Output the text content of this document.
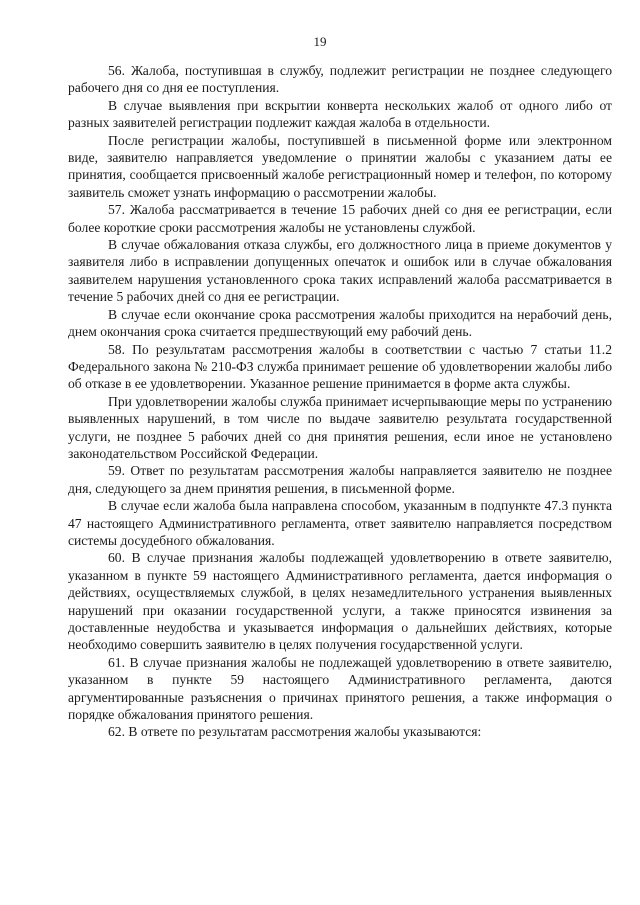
19

56. Жалоба, поступившая в службу, подлежит регистрации не позднее следующего рабочего дня со дня ее поступления.

В случае выявления при вскрытии конверта нескольких жалоб от одного либо от разных заявителей регистрации подлежит каждая жалоба в отдельности.

После регистрации жалобы, поступившей в письменной форме или электронном виде, заявителю направляется уведомление о принятии жалобы с указанием даты ее принятия, сообщается присвоенный жалобе регистрационный номер и телефон, по которому заявитель сможет узнать информацию о рассмотрении жалобы.

57. Жалоба рассматривается в течение 15 рабочих дней со дня ее регистрации, если более короткие сроки рассмотрения жалобы не установлены службой.

В случае обжалования отказа службы, его должностного лица в приеме документов у заявителя либо в исправлении допущенных опечаток и ошибок или в случае обжалования заявителем нарушения установленного срока таких исправлений жалоба рассматривается в течение 5 рабочих дней со дня ее регистрации.

В случае если окончание срока рассмотрения жалобы приходится на нерабочий день, днем окончания срока считается предшествующий ему рабочий день.

58. По результатам рассмотрения жалобы в соответствии с частью 7 статьи 11.2 Федерального закона № 210-ФЗ служба принимает решение об удовлетворении жалобы либо об отказе в ее удовлетворении. Указанное решение принимается в форме акта службы.

При удовлетворении жалобы служба принимает исчерпывающие меры по устранению выявленных нарушений, в том числе по выдаче заявителю результата государственной услуги, не позднее 5 рабочих дней со дня принятия решения, если иное не установлено законодательством Российской Федерации.

59. Ответ по результатам рассмотрения жалобы направляется заявителю не позднее дня, следующего за днем принятия решения, в письменной форме.

В случае если жалоба была направлена способом, указанным в подпункте 47.3 пункта 47 настоящего Административного регламента, ответ заявителю направляется посредством системы досудебного обжалования.

60. В случае признания жалобы подлежащей удовлетворению в ответе заявителю, указанном в пункте 59 настоящего Административного регламента, дается информация о действиях, осуществляемых службой, в целях незамедлительного устранения выявленных нарушений при оказании государственной услуги, а также приносятся извинения за доставленные неудобства и указывается информация о дальнейших действиях, которые необходимо совершить заявителю в целях получения государственной услуги.

61. В случае признания жалобы не подлежащей удовлетворению в ответе заявителю, указанном в пункте 59 настоящего Административного регламента, даются аргументированные разъяснения о причинах принятого решения, а также информация о порядке обжалования принятого решения.

62. В ответе по результатам рассмотрения жалобы указываются:
